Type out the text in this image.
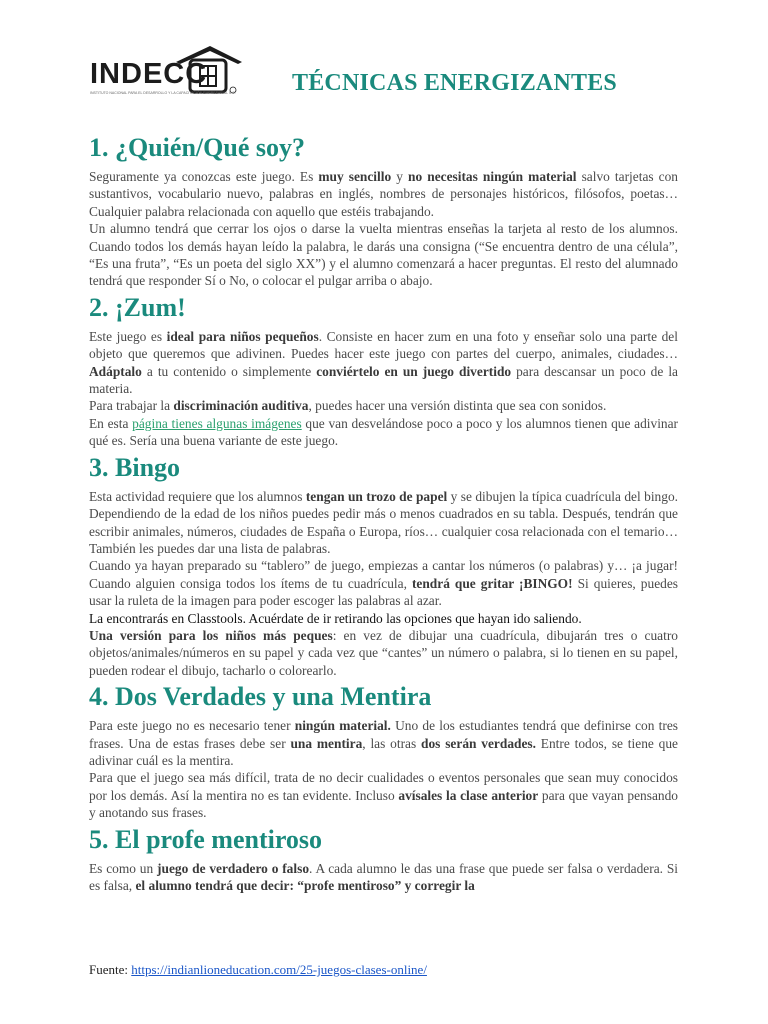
INDECC
INSTITUTO NACIONAL PARA EL DESARROLLO Y LA CAPACITACIÓN EMPRESARIAL S.C. TÉCNICAS ENERGIZANTES
1. ¿Quién/Qué soy?

Seguramente ya conozcas este juego. Es muy sencillo y no necesitas ningún material salvo tarjetas con sustantivos, vocabulario nuevo, palabras en inglés, nombres de personajes históricos, filósofos, poetas… Cualquier palabra relacionada con aquello que estéis trabajando.

Un alumno tendrá que cerrar los ojos o darse la vuelta mientras enseñas la tarjeta al resto de los alumnos. Cuando todos los demás hayan leído la palabra, le darás una consigna (“Se encuentra dentro de una célula”, “Es una fruta”, “Es un poeta del siglo XX”) y el alumno comenzará a hacer preguntas. El resto del alumnado tendrá que responder Sí o No, o colocar el pulgar arriba o abajo.

2. ¡Zum!

Este juego es ideal para niños pequeños. Consiste en hacer zum en una foto y enseñar solo una parte del objeto que queremos que adivinen. Puedes hacer este juego con partes del cuerpo, animales, ciudades… Adáptalo a tu contenido o simplemente conviértelo en un juego divertido para descansar un poco de la materia.

Para trabajar la discriminación auditiva, puedes hacer una versión distinta que sea con sonidos.

En esta página tienes algunas imágenes que van desvelándose poco a poco y los alumnos tienen que adivinar qué es. Sería una buena variante de este juego.

3. Bingo

Esta actividad requiere que los alumnos tengan un trozo de papel y se dibujen la típica cuadrícula del bingo. Dependiendo de la edad de los niños puedes pedir más o menos cuadrados en su tabla. Después, tendrán que escribir animales, números, ciudades de España o Europa, ríos… cualquier cosa relacionada con el temario… También les puedes dar una lista de palabras.

Cuando ya hayan preparado su “tablero” de juego, empiezas a cantar los números (o palabras) y… ¡a jugar! Cuando alguien consiga todos los ítems de tu cuadrícula, tendrá que gritar ¡BINGO! Si quieres, puedes usar la ruleta de la imagen para poder escoger las palabras al azar.

La encontrarás en Classtools. Acuérdate de ir retirando las opciones que hayan ido saliendo.

Una versión para los niños más peques: en vez de dibujar una cuadrícula, dibujarán tres o cuatro objetos/animales/números en su papel y cada vez que “cantes” un número o palabra, si lo tienen en su papel, pueden rodear el dibujo, tacharlo o colorearlo.

4. Dos Verdades y una Mentira

Para este juego no es necesario tener ningún material. Uno de los estudiantes tendrá que definirse con tres frases. Una de estas frases debe ser una mentira, las otras dos serán verdades. Entre todos, se tiene que adivinar cuál es la mentira.

Para que el juego sea más difícil, trata de no decir cualidades o eventos personales que sean muy conocidos por los demás. Así la mentira no es tan evidente. Incluso avísales la clase anterior para que vayan pensando y anotando sus frases.

5. El profe mentiroso

Es como un juego de verdadero o falso. A cada alumno le das una frase que puede ser falsa o verdadera. Si es falsa, el alumno tendrá que decir: “profe mentiroso” y corregir la

Fuente: https://indianlioneducation.com/25-juegos-clases-online/
